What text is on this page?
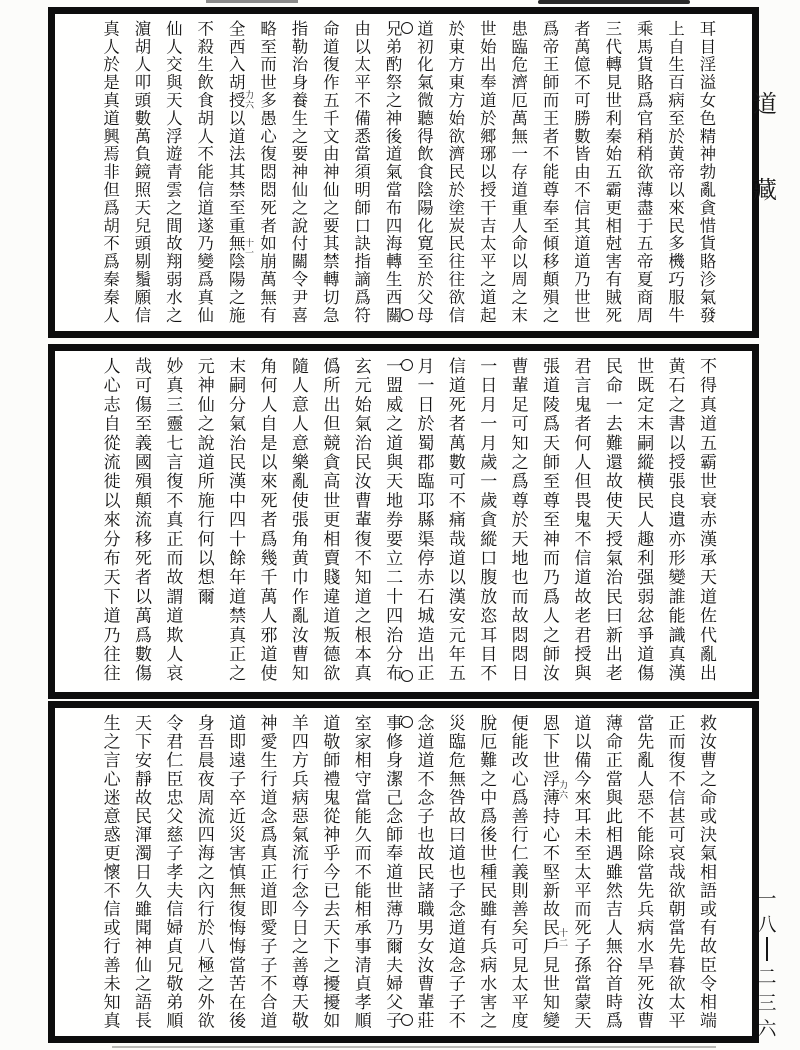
耳目淫溢女色精神勃亂貪惜貨賂沴氣發
上自生百病至於黄帝以來民多機巧服牛
乘馬貨賂爲官稍稍欲薄盡于五帝夏商周
三代轉見世利秦始五霸更相尅害有賊死
者萬億不可勝數皆由不信其道道乃世世
爲帝王師而王者不能尊奉至傾移顛殞之
患臨危濟厄萬無一存道重人命以周之末
世始出奉道於郷琊以授干吉太平之道起
於東方東方始欲濟民於塗炭民往往欲信
道初化氣微聽得飲食陰陽化寛至於父母
兄弟酌祭之神後道氣當布四海轉生西關
由以太平不備悉當須明師口訣指謫爲符
命道復作五千文由神仙之要其禁轉切急
指勒治身養生之要神仙之說付關令尹喜
略至而世多愚心復悶悶死者如崩萬無有
全西入胡授以道法其禁至重無陰陽之施
不殺生飲食胡人不能信道遂乃變爲真仙
仙人交與天人浮遊青雲之間故翔弱水之
濵胡人叩頭數萬負鏡照天兒頭剔鬚願信
真人於是真道興焉非但爲胡不爲秦秦人	力六
十一
不得真道五霸世衰赤漢承天道佐代亂出
黄石之書以授張良遺亦形變誰能識真漢
世既定末嗣縱横民人趣利强弱忿爭道傷
民命一去難還故使天授氣治民曰新出老
君言鬼者何人但畏鬼不信道故老君授與
張道陵爲天師至尊至神而乃爲人之師汝
曹輩足可知之爲尊於天地也而故悶悶日
一日月一月歲一歲貪縱口腹放恣耳目不
信道死者萬數可不痛哉道以漢安元年五
月一日於蜀郡臨邛縣渠停赤石城造出正
一盟威之道與天地券要立二十四治分布
玄元始氣治民汝曹輩復不知道之根本真
僞所出但競貪高世更相賣賤違道叛德欲
隨人意人意樂亂使張角黄巾作亂汝曹知
角何人自是以來死者爲幾千萬人邪道使
末嗣分氣治民漢中四十餘年道禁真正之
元神仙之說道所施行何以想爾
妙真三靈七言復不真正而故謂道欺人哀
哉可傷至義國殞顛流移死者以萬爲數傷
人心志自從流徙以來分布天下道乃往往
救汝曹之命或決氣相語或有故臣令相端
正而復不信甚可哀哉欲朝當先暮欲太平
當先亂人惡不能除當先兵病水旱死汝曹
薄命正當與此相遇雖然吉人無谷首時爲
道以備今來耳未至太平而死子孫當蒙天
恩下世浮薄持心不堅新故民戶見世知變
便能改心爲善行仁義則善矣可見太平度
脫厄難之中爲後世種民雖有兵病水害之
災臨危無咎故曰道也子念道道念子子不
念道道不念子也故民諸職男女汝曹輩莊
事修身潔己念師奉道世薄乃爾夫婦父子
室家相守當能久而不能相承事清貞孝順
道敬師禮鬼從神乎今已去天下之擾擾如
羊四方兵病惡氣流行念今日之善尊天敬
神愛生行道念爲真正道即愛子子不合道
道即遠子卒近災害慎無復悔悔當苦在後
身吾晨夜周流四海之內行於八極之外欲
令君仁臣忠父慈子孝夫信婦貞兄敬弟順
天下安靜故民渾濁日久雖聞神仙之語長
生之言心迷意惑更懷不信或行善未知真	力六
十二
道
藏
一
八
二
三
六
